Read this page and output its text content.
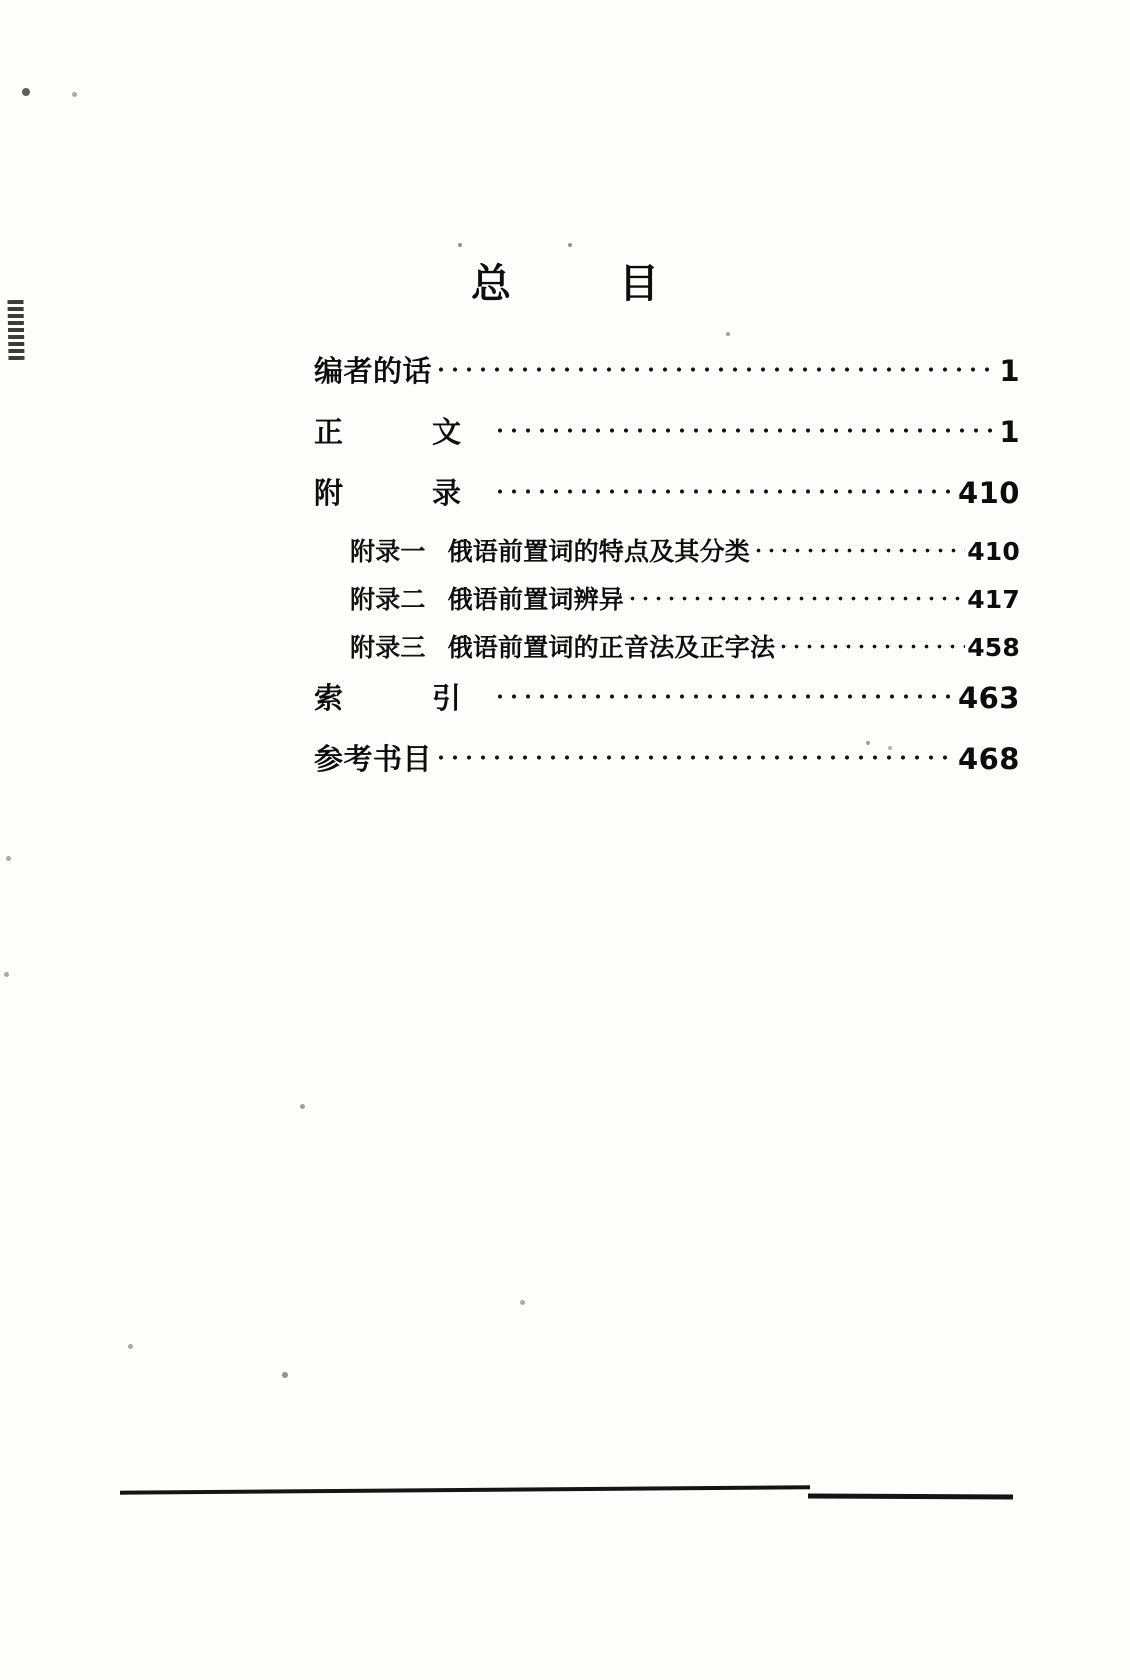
总　目
编者的话	1
正　文	1
附　录	410
附录一 俄语前置词的特点及其分类	410
附录二 俄语前置词辨异	417
附录三 俄语前置词的正音法及正字法	458
索　引	463
参考书目	468
